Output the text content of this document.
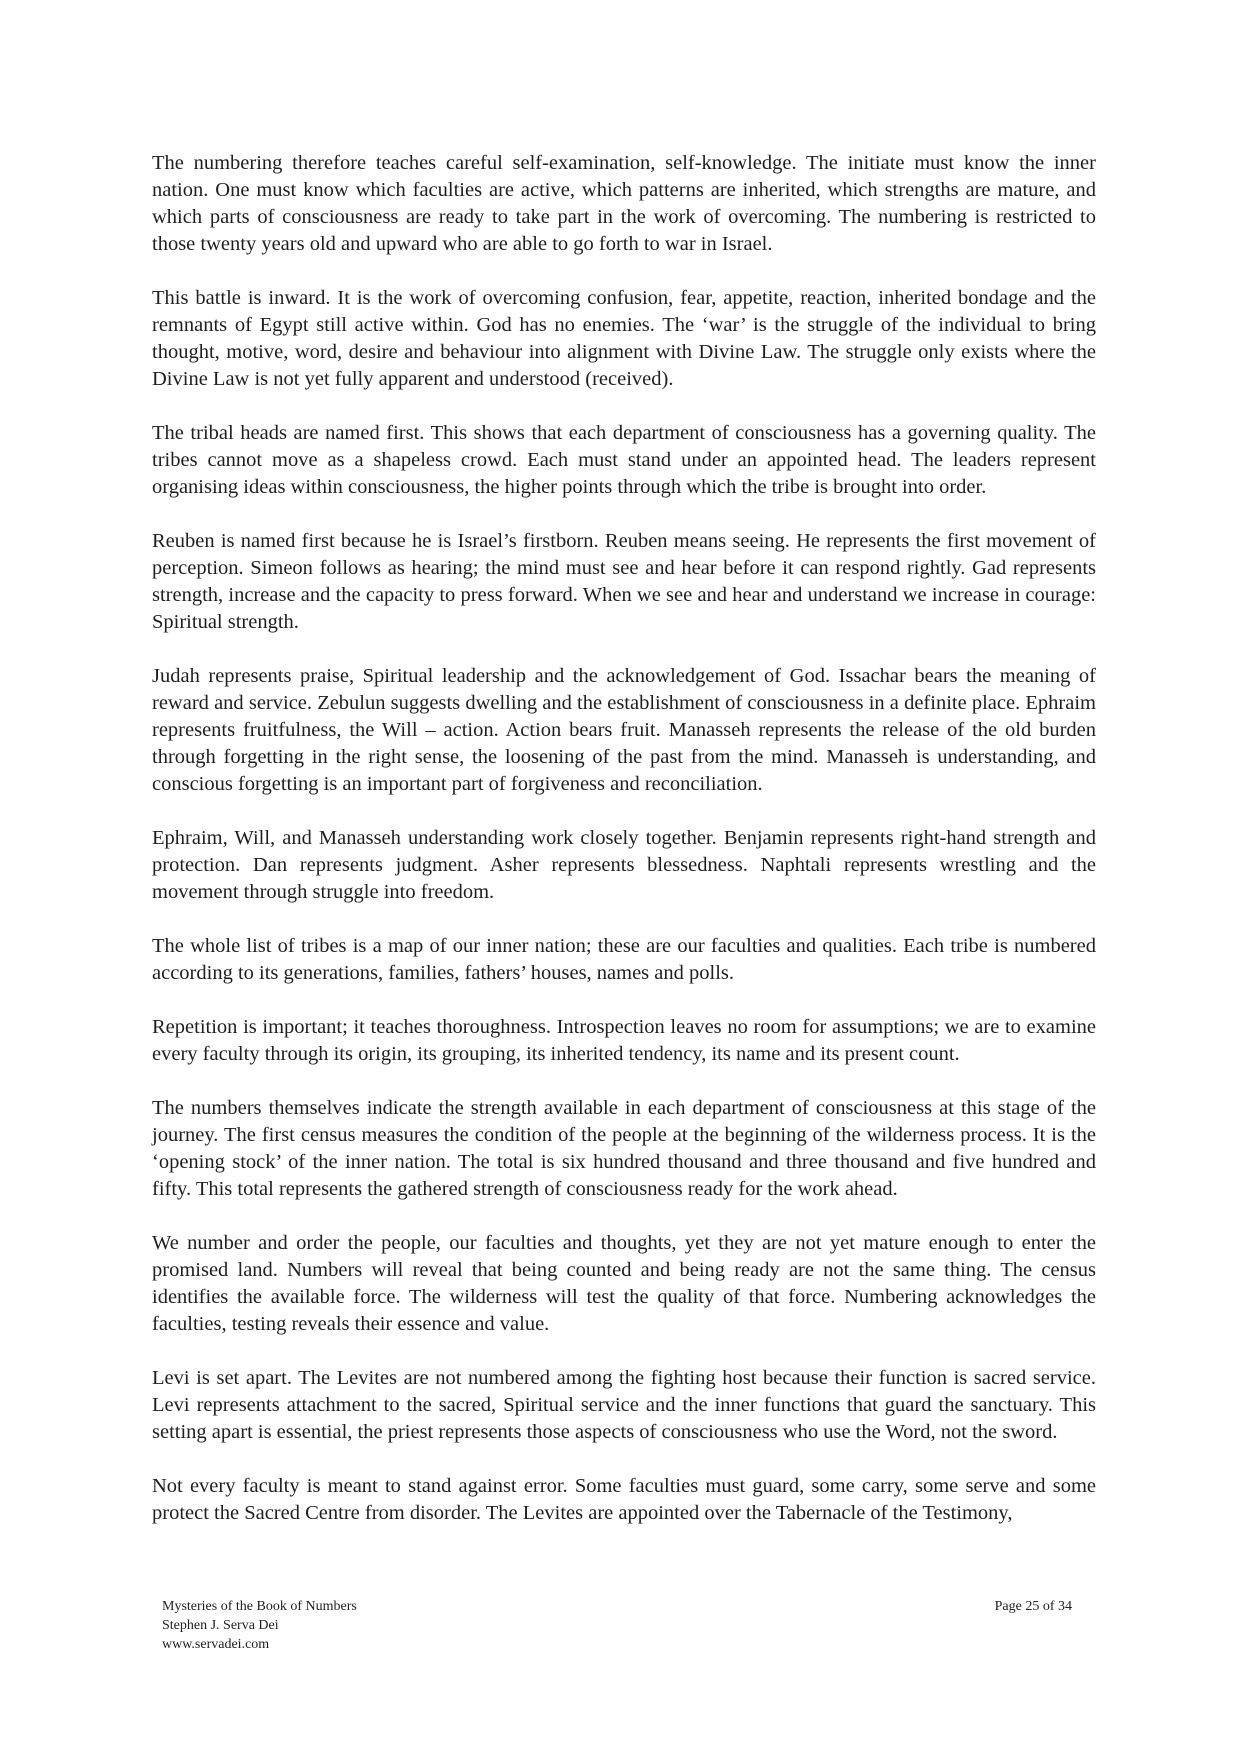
The numbering therefore teaches careful self-examination, self-knowledge. The initiate must know the inner nation. One must know which faculties are active, which patterns are inherited, which strengths are mature, and which parts of consciousness are ready to take part in the work of overcoming. The numbering is restricted to those twenty years old and upward who are able to go forth to war in Israel.

This battle is inward. It is the work of overcoming confusion, fear, appetite, reaction, inherited bondage and the remnants of Egypt still active within. God has no enemies. The ‘war’ is the struggle of the individual to bring thought, motive, word, desire and behaviour into alignment with Divine Law. The struggle only exists where the Divine Law is not yet fully apparent and understood (received).

The tribal heads are named first. This shows that each department of consciousness has a governing quality. The tribes cannot move as a shapeless crowd. Each must stand under an appointed head. The leaders represent organising ideas within consciousness, the higher points through which the tribe is brought into order.

Reuben is named first because he is Israel’s firstborn. Reuben means seeing. He represents the first movement of perception. Simeon follows as hearing; the mind must see and hear before it can respond rightly. Gad represents strength, increase and the capacity to press forward. When we see and hear and understand we increase in courage: Spiritual strength.

Judah represents praise, Spiritual leadership and the acknowledgement of God. Issachar bears the meaning of reward and service. Zebulun suggests dwelling and the establishment of consciousness in a definite place. Ephraim represents fruitfulness, the Will – action. Action bears fruit. Manasseh represents the release of the old burden through forgetting in the right sense, the loosening of the past from the mind. Manasseh is understanding, and conscious forgetting is an important part of forgiveness and reconciliation.

Ephraim, Will, and Manasseh understanding work closely together. Benjamin represents right-hand strength and protection. Dan represents judgment. Asher represents blessedness. Naphtali represents wrestling and the movement through struggle into freedom.

The whole list of tribes is a map of our inner nation; these are our faculties and qualities. Each tribe is numbered according to its generations, families, fathers’ houses, names and polls.

Repetition is important; it teaches thoroughness. Introspection leaves no room for assumptions; we are to examine every faculty through its origin, its grouping, its inherited tendency, its name and its present count.

The numbers themselves indicate the strength available in each department of consciousness at this stage of the journey. The first census measures the condition of the people at the beginning of the wilderness process. It is the ‘opening stock’ of the inner nation. The total is six hundred thousand and three thousand and five hundred and fifty. This total represents the gathered strength of consciousness ready for the work ahead.

We number and order the people, our faculties and thoughts, yet they are not yet mature enough to enter the promised land. Numbers will reveal that being counted and being ready are not the same thing. The census identifies the available force. The wilderness will test the quality of that force. Numbering acknowledges the faculties, testing reveals their essence and value.

Levi is set apart. The Levites are not numbered among the fighting host because their function is sacred service. Levi represents attachment to the sacred, Spiritual service and the inner functions that guard the sanctuary. This setting apart is essential, the priest represents those aspects of consciousness who use the Word, not the sword.

Not every faculty is meant to stand against error. Some faculties must guard, some carry, some serve and some protect the Sacred Centre from disorder. The Levites are appointed over the Tabernacle of the Testimony,

Mysteries of the Book of Numbers
Stephen J. Serva Dei
www.servadei.com
Page 25 of 34
